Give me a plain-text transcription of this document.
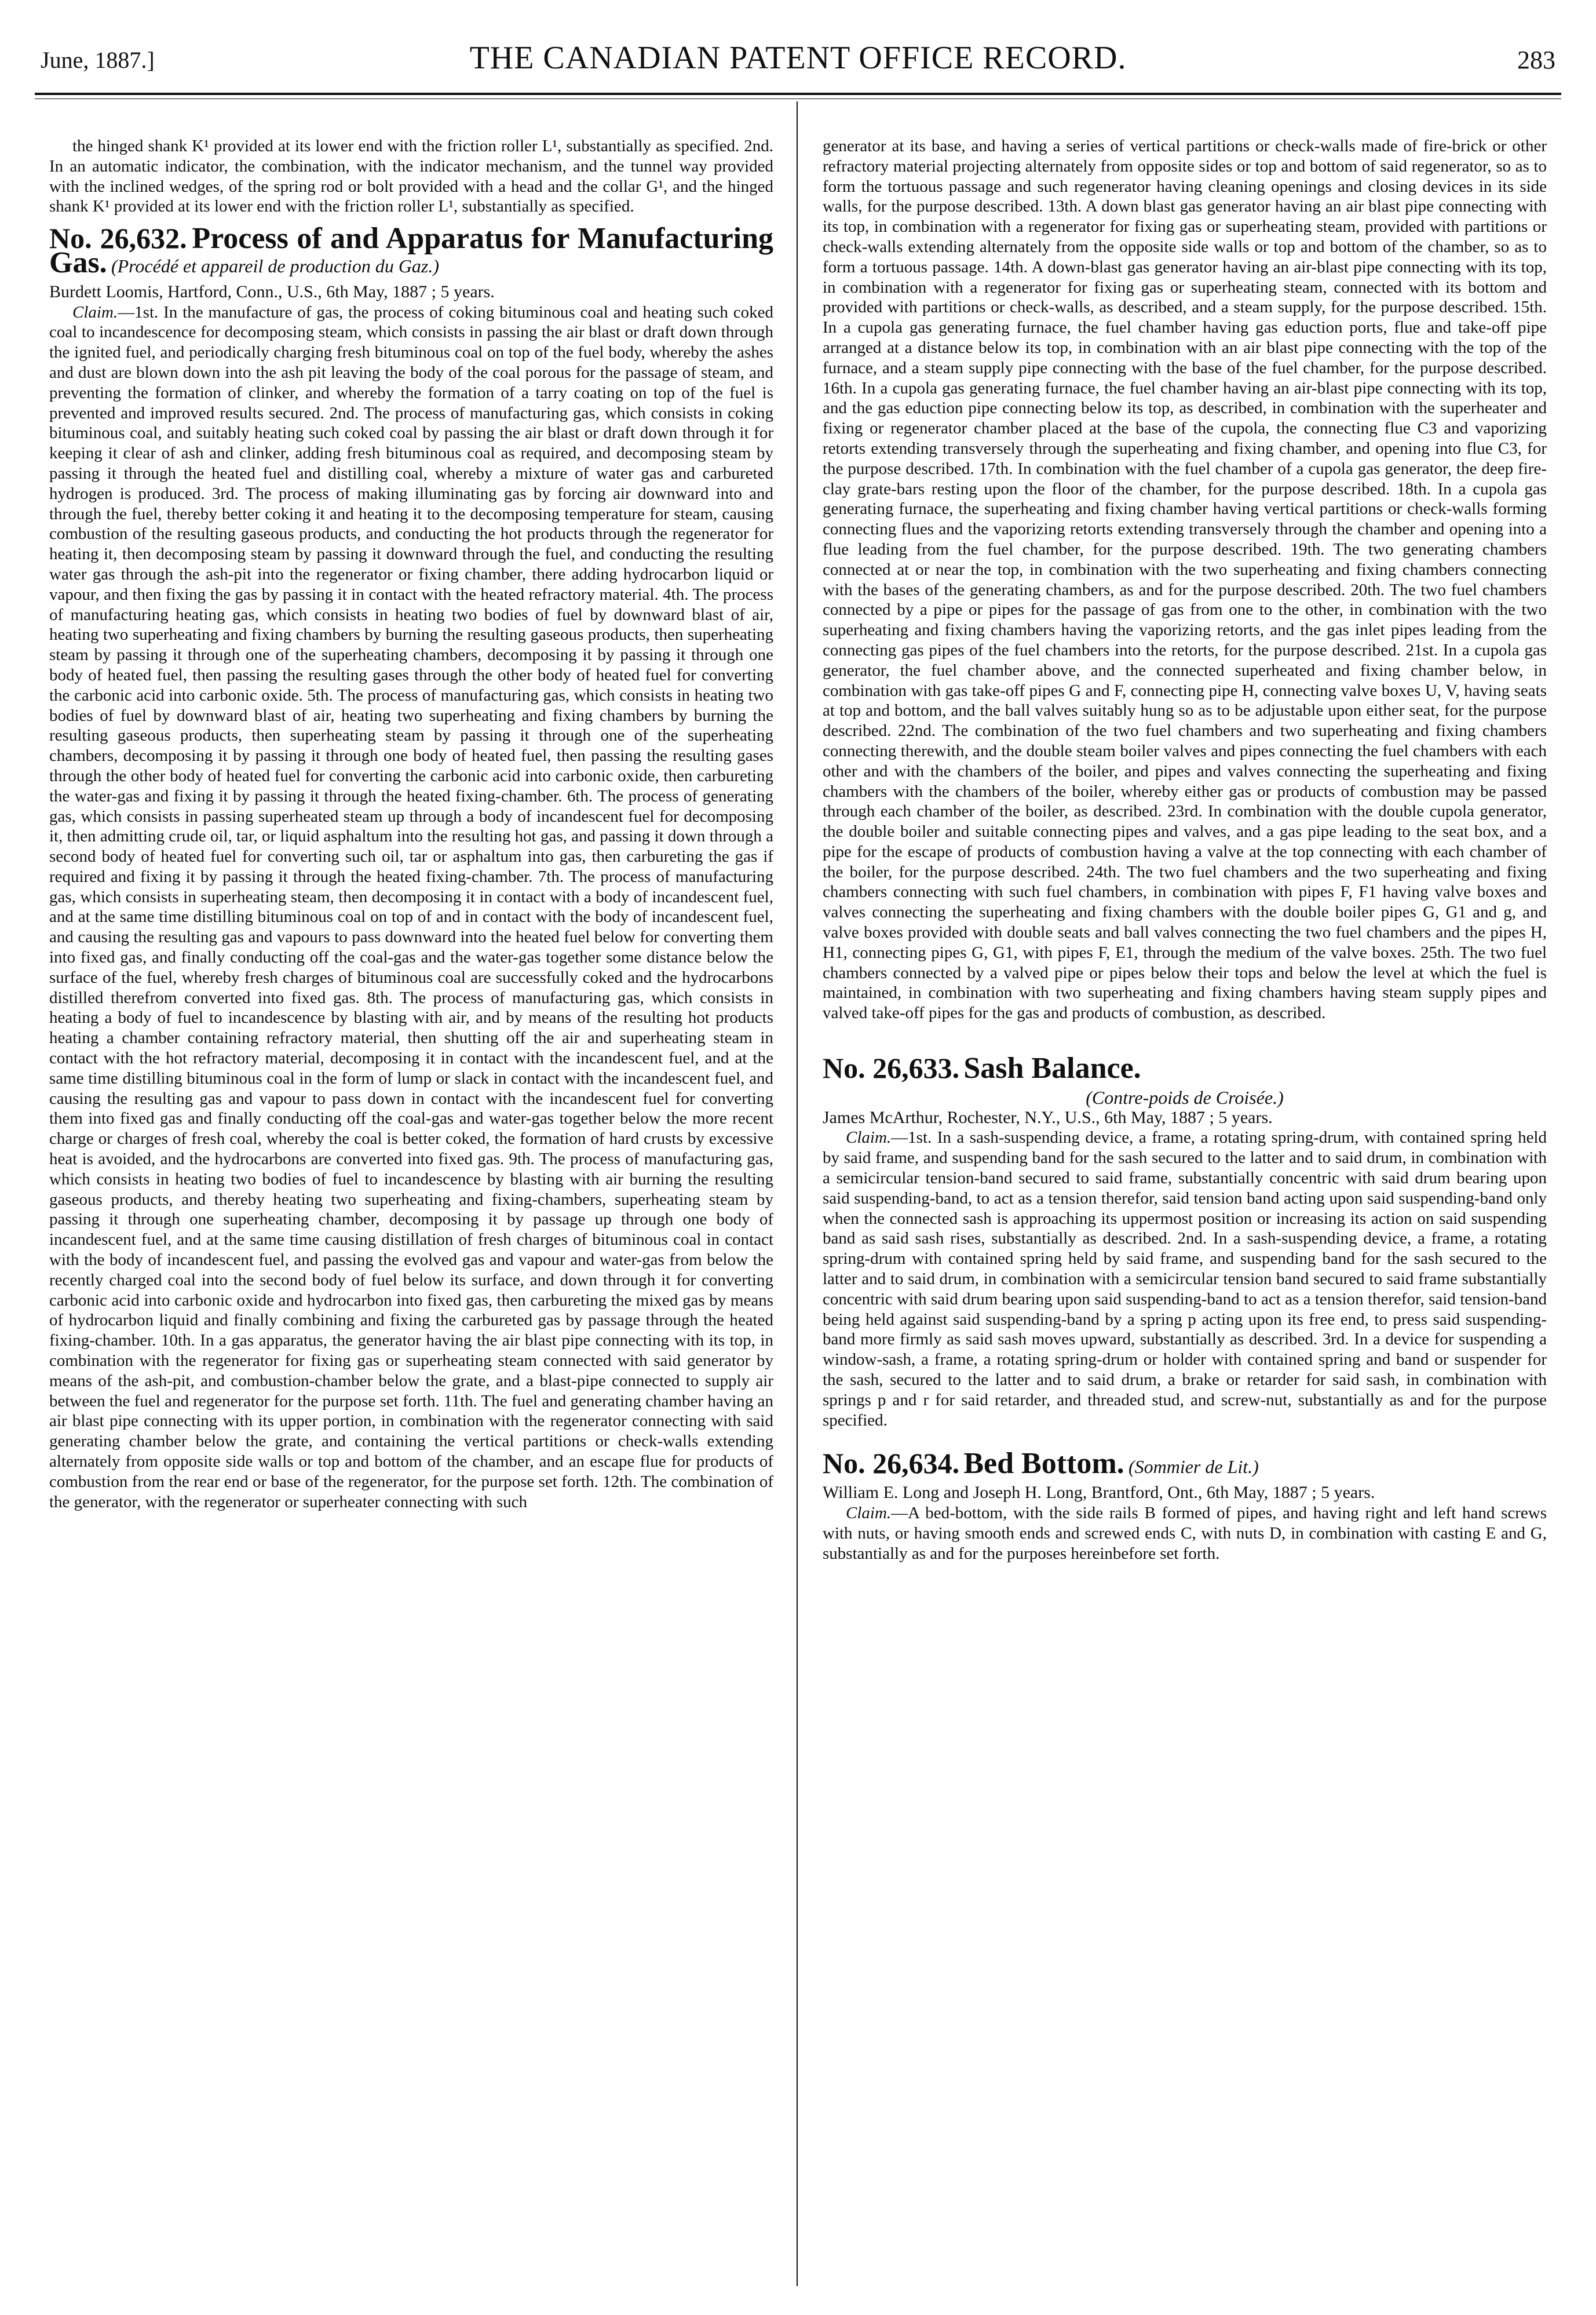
June, 1887.]	THE CANADIAN PATENT OFFICE RECORD.	283

the hinged shank K¹ provided at its lower end with the friction roller L¹, substantially as specified. 2nd. In an automatic indicator, the combination, with the indicator mechanism, and the tunnel way provided with the inclined wedges, of the spring rod or bolt provided with a head and the collar G¹, and the hinged shank K¹ provided at its lower end with the friction roller L¹, substantially as specified.

No. 26,632. Process of and Apparatus for Manufacturing Gas. (Procédé et appareil de production du Gaz.)

Burdett Loomis, Hartford, Conn., U.S., 6th May, 1887 ; 5 years.

Claim.—1st. In the manufacture of gas, the process of coking bituminous coal and heating such coked coal to incandescence for decomposing steam, which consists in passing the air blast or draft down through the ignited fuel, and periodically charging fresh bituminous coal on top of the fuel body, whereby the ashes and dust are blown down into the ash pit leaving the body of the coal porous for the passage of steam, and preventing the formation of clinker, and whereby the formation of a tarry coating on top of the fuel is prevented and improved results secured. 2nd. The process of manufacturing gas, which consists in coking bituminous coal, and suitably heating such coked coal by passing the air blast or draft down through it for keeping it clear of ash and clinker, adding fresh bituminous coal as required, and decomposing steam by passing it through the heated fuel and distilling coal, whereby a mixture of water gas and carbureted hydrogen is produced. 3rd. The process of making illuminating gas by forcing air downward into and through the fuel, thereby better coking it and heating it to the decomposing temperature for steam, causing combustion of the resulting gaseous products, and conducting the hot products through the regenerator for heating it, then decomposing steam by passing it downward through the fuel, and conducting the resulting water gas through the ash-pit into the regenerator or fixing chamber, there adding hydrocarbon liquid or vapour, and then fixing the gas by passing it in contact with the heated refractory material. 4th. The process of manufacturing heating gas, which consists in heating two bodies of fuel by downward blast of air, heating two superheating and fixing chambers by burning the resulting gaseous products, then superheating steam by passing it through one of the superheating chambers, decomposing it by passing it through one body of heated fuel, then passing the resulting gases through the other body of heated fuel for converting the carbonic acid into carbonic oxide. 5th. The process of manufacturing gas, which consists in heating two bodies of fuel by downward blast of air, heating two superheating and fixing chambers by burning the resulting gaseous products, then superheating steam by passing it through one of the superheating chambers, decomposing it by passing it through one body of heated fuel, then passing the resulting gases through the other body of heated fuel for converting the carbonic acid into carbonic oxide, then carbureting the water-gas and fixing it by passing it through the heated fixing-chamber. 6th. The process of generating gas, which consists in passing superheated steam up through a body of incandescent fuel for decomposing it, then admitting crude oil, tar, or liquid asphaltum into the resulting hot gas, and passing it down through a second body of heated fuel for converting such oil, tar or asphaltum into gas, then carbureting the gas if required and fixing it by passing it through the heated fixing-chamber. 7th. The process of manufacturing gas, which consists in superheating steam, then decomposing it in contact with a body of incandescent fuel, and at the same time distilling bituminous coal on top of and in contact with the body of incandescent fuel, and causing the resulting gas and vapours to pass downward into the heated fuel below for converting them into fixed gas, and finally conducting off the coal-gas and the water-gas together some distance below the surface of the fuel, whereby fresh charges of bituminous coal are successfully coked and the hydrocarbons distilled therefrom converted into fixed gas. 8th. The process of manufacturing gas, which consists in heating a body of fuel to incandescence by blasting with air, and by means of the resulting hot products heating a chamber containing refractory material, then shutting off the air and superheating steam in contact with the hot refractory material, decomposing it in contact with the incandescent fuel, and at the same time distilling bituminous coal in the form of lump or slack in contact with the incandescent fuel, and causing the resulting gas and vapour to pass down in contact with the incandescent fuel for converting them into fixed gas and finally conducting off the coal-gas and water-gas together below the more recent charge or charges of fresh coal, whereby the coal is better coked, the formation of hard crusts by excessive heat is avoided, and the hydrocarbons are converted into fixed gas. 9th. The process of manufacturing gas, which consists in heating two bodies of fuel to incandescence by blasting with air burning the resulting gaseous products, and thereby heating two superheating and fixing-chambers, superheating steam by passing it through one superheating chamber, decomposing it by passage up through one body of incandescent fuel, and at the same time causing distillation of fresh charges of bituminous coal in contact with the body of incandescent fuel, and passing the evolved gas and vapour and water-gas from below the recently charged coal into the second body of fuel below its surface, and down through it for converting carbonic acid into carbonic oxide and hydrocarbon into fixed gas, then carbureting the mixed gas by means of hydrocarbon liquid and finally combining and fixing the carbureted gas by passage through the heated fixing-chamber. 10th. In a gas apparatus, the generator having the air blast pipe connecting with its top, in combination with the regenerator for fixing gas or superheating steam connected with said generator by means of the ash-pit, and combustion-chamber below the grate, and a blast-pipe connected to supply air between the fuel and regenerator for the purpose set forth. 11th. The fuel and generating chamber having an air blast pipe connecting with its upper portion, in combination with the regenerator connecting with said generating chamber below the grate, and containing the vertical partitions or check-walls extending alternately from opposite side walls or top and bottom of the chamber, and an escape flue for products of combustion from the rear end or base of the regenerator, for the purpose set forth. 12th. The combination of the generator, with the regenerator or superheater connecting with such

generator at its base, and having a series of vertical partitions or check-walls made of fire-brick or other refractory material projecting alternately from opposite sides or top and bottom of said regenerator, so as to form the tortuous passage and such regenerator having cleaning openings and closing devices in its side walls, for the purpose described. 13th. A down blast gas generator having an air blast pipe connecting with its top, in combination with a regenerator for fixing gas or superheating steam, provided with partitions or check-walls extending alternately from the opposite side walls or top and bottom of the chamber, so as to form a tortuous passage. 14th. A down-blast gas generator having an air-blast pipe connecting with its top, in combination with a regenerator for fixing gas or superheating steam, connected with its bottom and provided with partitions or check-walls, as described, and a steam supply, for the purpose described. 15th. In a cupola gas generating furnace, the fuel chamber having gas eduction ports, flue and take-off pipe arranged at a distance below its top, in combination with an air blast pipe connecting with the top of the furnace, and a steam supply pipe connecting with the base of the fuel chamber, for the purpose described. 16th. In a cupola gas generating furnace, the fuel chamber having an air-blast pipe connecting with its top, and the gas eduction pipe connecting below its top, as described, in combination with the superheater and fixing or regenerator chamber placed at the base of the cupola, the connecting flue C3 and vaporizing retorts extending transversely through the superheating and fixing chamber, and opening into flue C3, for the purpose described. 17th. In combination with the fuel chamber of a cupola gas generator, the deep fire-clay grate-bars resting upon the floor of the chamber, for the purpose described. 18th. In a cupola gas generating furnace, the superheating and fixing chamber having vertical partitions or check-walls forming connecting flues and the vaporizing retorts extending transversely through the chamber and opening into a flue leading from the fuel chamber, for the purpose described. 19th. The two generating chambers connected at or near the top, in combination with the two superheating and fixing chambers connecting with the bases of the generating chambers, as and for the purpose described. 20th. The two fuel chambers connected by a pipe or pipes for the passage of gas from one to the other, in combination with the two superheating and fixing chambers having the vaporizing retorts, and the gas inlet pipes leading from the connecting gas pipes of the fuel chambers into the retorts, for the purpose described. 21st. In a cupola gas generator, the fuel chamber above, and the connected superheated and fixing chamber below, in combination with gas take-off pipes G and F, connecting pipe H, connecting valve boxes U, V, having seats at top and bottom, and the ball valves suitably hung so as to be adjustable upon either seat, for the purpose described. 22nd. The combination of the two fuel chambers and two superheating and fixing chambers connecting therewith, and the double steam boiler valves and pipes connecting the fuel chambers with each other and with the chambers of the boiler, and pipes and valves connecting the superheating and fixing chambers with the chambers of the boiler, whereby either gas or products of combustion may be passed through each chamber of the boiler, as described. 23rd. In combination with the double cupola generator, the double boiler and suitable connecting pipes and valves, and a gas pipe leading to the seat box, and a pipe for the escape of products of combustion having a valve at the top connecting with each chamber of the boiler, for the purpose described. 24th. The two fuel chambers and the two superheating and fixing chambers connecting with such fuel chambers, in combination with pipes F, F1 having valve boxes and valves connecting the superheating and fixing chambers with the double boiler pipes G, G1 and g, and valve boxes provided with double seats and ball valves connecting the two fuel chambers and the pipes H, H1, connecting pipes G, G1, with pipes F, E1, through the medium of the valve boxes. 25th. The two fuel chambers connected by a valved pipe or pipes below their tops and below the level at which the fuel is maintained, in combination with two superheating and fixing chambers having steam supply pipes and valved take-off pipes for the gas and products of combustion, as described.

No. 26,633. Sash Balance.

(Contre-poids de Croisée.)

James McArthur, Rochester, N.Y., U.S., 6th May, 1887 ; 5 years.

Claim.—1st. In a sash-suspending device, a frame, a rotating spring-drum, with contained spring held by said frame, and suspending band for the sash secured to the latter and to said drum, in combination with a semicircular tension-band secured to said frame, substantially concentric with said drum bearing upon said suspending-band, to act as a tension therefor, said tension band acting upon said suspending-band only when the connected sash is approaching its uppermost position or increasing its action on said suspending band as said sash rises, substantially as described. 2nd. In a sash-suspending device, a frame, a rotating spring-drum with contained spring held by said frame, and suspending band for the sash secured to the latter and to said drum, in combination with a semicircular tension band secured to said frame substantially concentric with said drum bearing upon said suspending-band to act as a tension therefor, said tension-band being held against said suspending-band by a spring p acting upon its free end, to press said suspending-band more firmly as said sash moves upward, substantially as described. 3rd. In a device for suspending a window-sash, a frame, a rotating spring-drum or holder with contained spring and band or suspender for the sash, secured to the latter and to said drum, a brake or retarder for said sash, in combination with springs p and r for said retarder, and threaded stud, and screw-nut, substantially as and for the purpose specified.

No. 26,634. Bed Bottom. (Sommier de Lit.)

William E. Long and Joseph H. Long, Brantford, Ont., 6th May, 1887 ; 5 years.

Claim.—A bed-bottom, with the side rails B formed of pipes, and having right and left hand screws with nuts, or having smooth ends and screwed ends C, with nuts D, in combination with casting E and G, substantially as and for the purposes hereinbefore set forth.
